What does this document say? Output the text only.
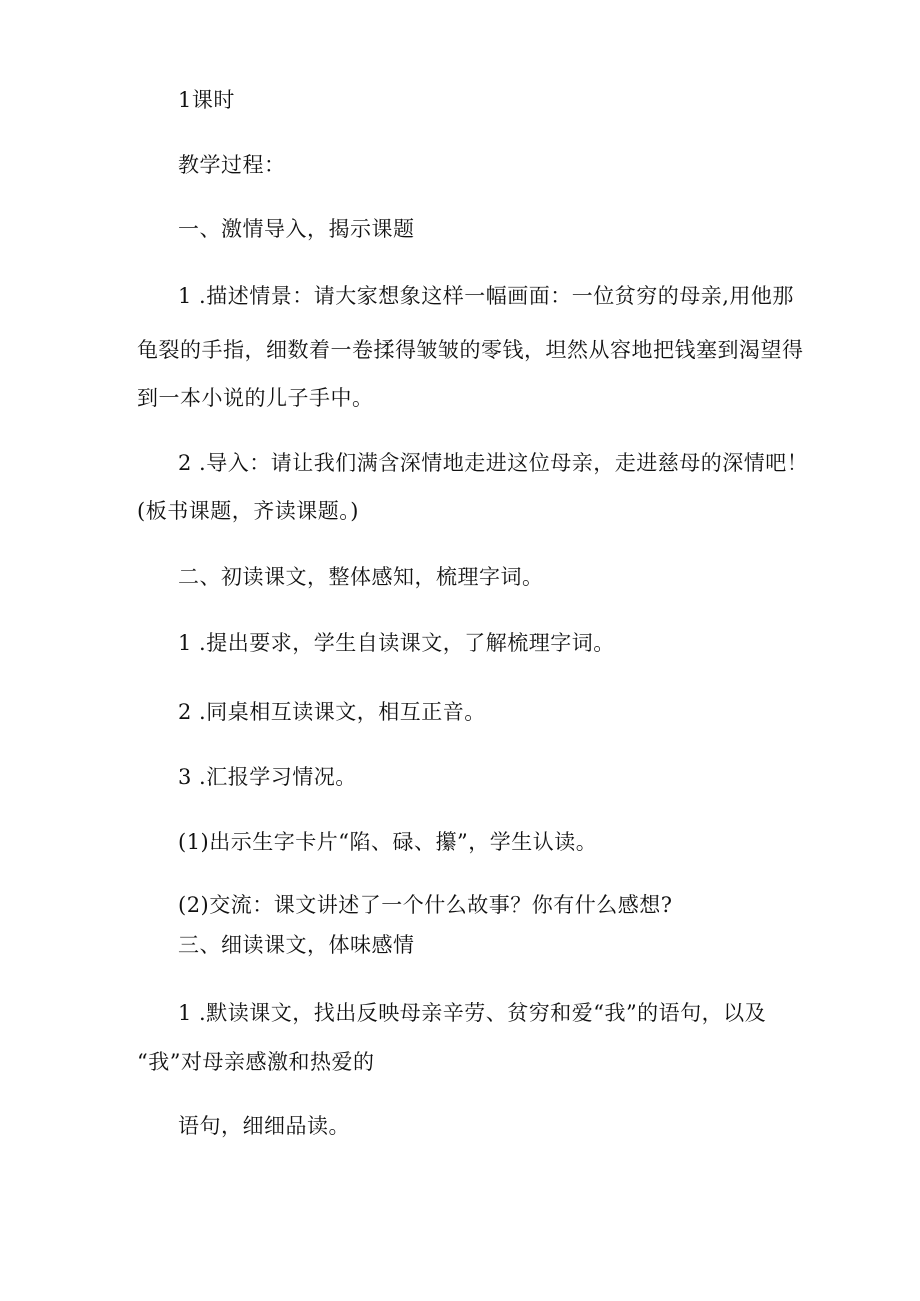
1课时
教学过程：
一、激情导入，揭示课题
1 .描述情景：请大家想象这样一幅画面：一位贫穷的母亲,用他那
龟裂的手指，细数着一卷揉得皱皱的零钱，坦然从容地把钱塞到渴望得
到一本小说的儿子手中。
2 .导入：请让我们满含深情地走进这位母亲，走进慈母的深情吧！
(板书课题，齐读课题。)
二、初读课文，整体感知，梳理字词。
1 .提出要求，学生自读课文，了解梳理字词。
2 .同桌相互读课文，相互正音。
3 .汇报学习情况。
(1)出示生字卡片“陷、碌、攥”，学生认读。
(2)交流：课文讲述了一个什么故事？你有什么感想?
三、细读课文，体味感情
1 .默读课文，找出反映母亲辛劳、贫穷和爱“我”的语句，以及
“我”对母亲感激和热爱的
语句，细细品读。
